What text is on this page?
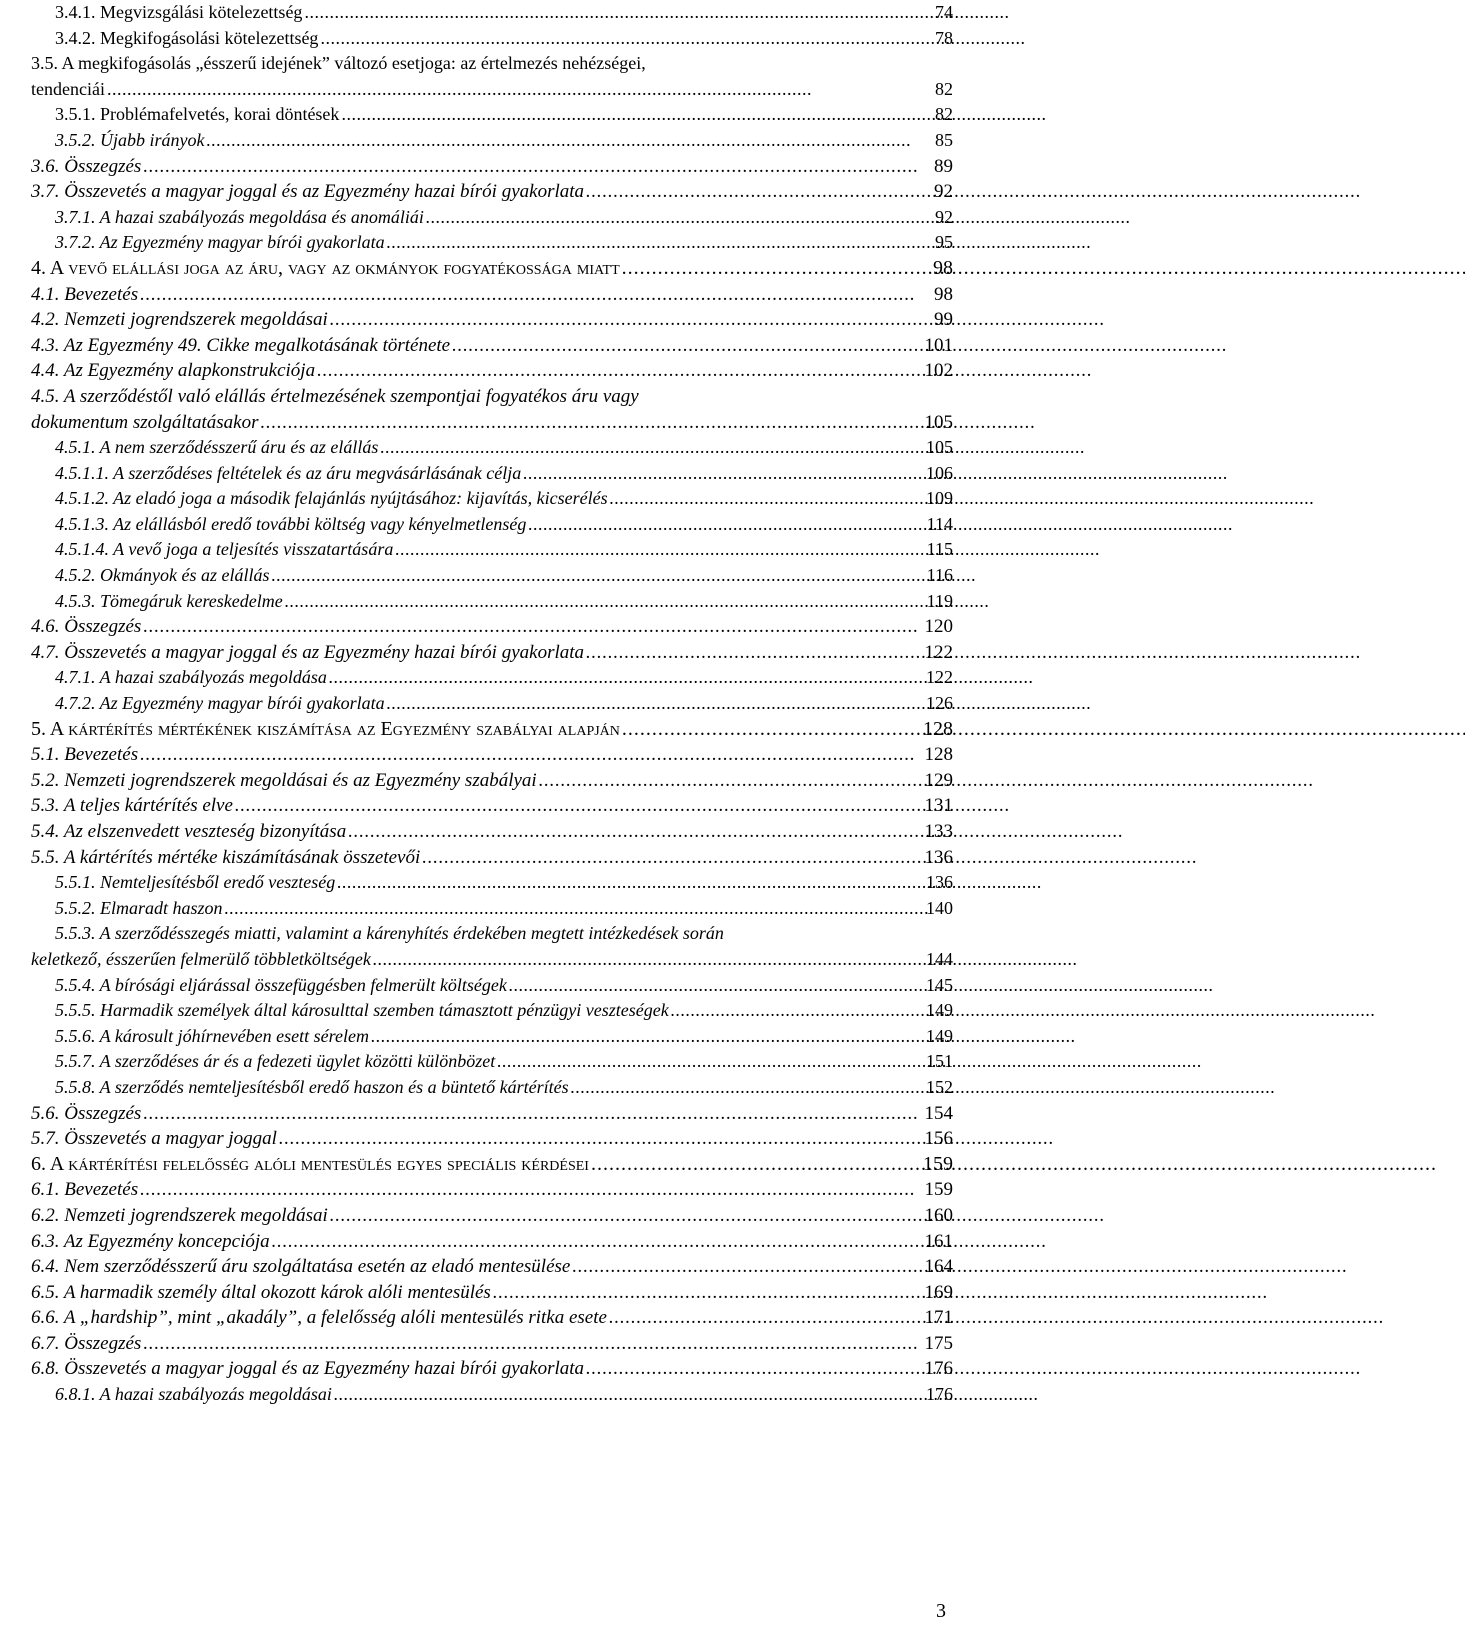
3.4.1. Megvizsgálási kötelezettség . . .	74
3.4.2. Megkifogásolási kötelezettség . . .	78
3.5. A megkifogásolás „ésszerű idejének” változó esetjoga: az értelmezés nehézségei,
tendenciái . . .	82
3.5.1. Problémafelvetés, korai döntések . . .	82
3.5.2. Újabb irányok . . .	85
3.6. Összegzés . . .	89
3.7. Összevetés a magyar joggal és az Egyezmény hazai bírói gyakorlata . . .	92
3.7.1. A hazai szabályozás megoldása és anomáliái . . .	92
3.7.2. Az Egyezmény magyar bírói gyakorlata . . .	95
4. A vevő elállási joga az áru, vagy az okmányok fogyatékossága miatt . . .	98
4.1. Bevezetés . . .	98
4.2. Nemzeti jogrendszerek megoldásai . . .	99
4.3. Az Egyezmény 49. Cikke megalkotásának története . . .	101
4.4. Az Egyezmény alapkonstrukciója . . .	102
4.5. A szerződéstől való elállás értelmezésének szempontjai fogyatékos áru vagy
dokumentum szolgáltatásakor . . .	105
4.5.1. A nem szerződésszerű áru és az elállás . . .	105
4.5.1.1. A szerződéses feltételek és az áru megvásárlásának célja . . .	106
4.5.1.2. Az eladó joga a második felajánlás nyújtásához: kijavítás, kicserélés . . .	109
4.5.1.3. Az elállásból eredő további költség vagy kényelmetlenség . . .	114
4.5.1.4. A vevő joga a teljesítés visszatartására . . .	115
4.5.2. Okmányok és az elállás . . .	116
4.5.3. Tömegáruk kereskedelme . . .	119
4.6. Összegzés . . .	120
4.7. Összevetés a magyar joggal és az Egyezmény hazai bírói gyakorlata . . .	122
4.7.1. A hazai szabályozás megoldása . . .	122
4.7.2. Az Egyezmény magyar bírói gyakorlata . . .	126
5. A kártérítés mértékének kiszámítása az Egyezmény szabályai alapján . . .	128
5.1. Bevezetés . . .	128
5.2. Nemzeti jogrendszerek megoldásai és az Egyezmény szabályai . . .	129
5.3. A teljes kártérítés elve . . .	131
5.4. Az elszenvedett veszteség bizonyítása . . .	133
5.5. A kártérítés mértéke kiszámításának összetevői . . .	136
5.5.1. Nemteljesítésből eredő veszteség . . .	136
5.5.2. Elmaradt haszon . . .	140
5.5.3. A szerződésszegés miatti, valamint a kárenyhítés érdekében megtett intézkedések során
keletkező, ésszerűen felmerülő többletköltségek . . .	144
5.5.4. A bírósági eljárással összefüggésben felmerült költségek . . .	145
5.5.5. Harmadik személyek által károsulttal szemben támasztott pénzügyi veszteségek . . .	149
5.5.6. A károsult jóhírnevében esett sérelem . . .	149
5.5.7. A szerződéses ár és a fedezeti ügylet közötti különbözet . . .	151
5.5.8. A szerződés nemteljesítésből eredő haszon és a büntető kártérítés . . .	152
5.6. Összegzés . . .	154
5.7. Összevetés a magyar joggal . . .	156
6. A kártérítési felelősség alóli mentesülés egyes speciális kérdései . . .	159
6.1. Bevezetés . . .	159
6.2. Nemzeti jogrendszerek megoldásai . . .	160
6.3. Az Egyezmény koncepciója . . .	161
6.4. Nem szerződésszerű áru szolgáltatása esetén az eladó mentesülése . . .	164
6.5. A harmadik személy által okozott károk alóli mentesülés . . .	169
6.6. A „hardship”, mint „akadály”, a felelősség alóli mentesülés ritka esete . . .	171
6.7. Összegzés . . .	175
6.8. Összevetés a magyar joggal és az Egyezmény hazai bírói gyakorlata . . .	176
6.8.1. A hazai szabályozás megoldásai . . .	176
3
